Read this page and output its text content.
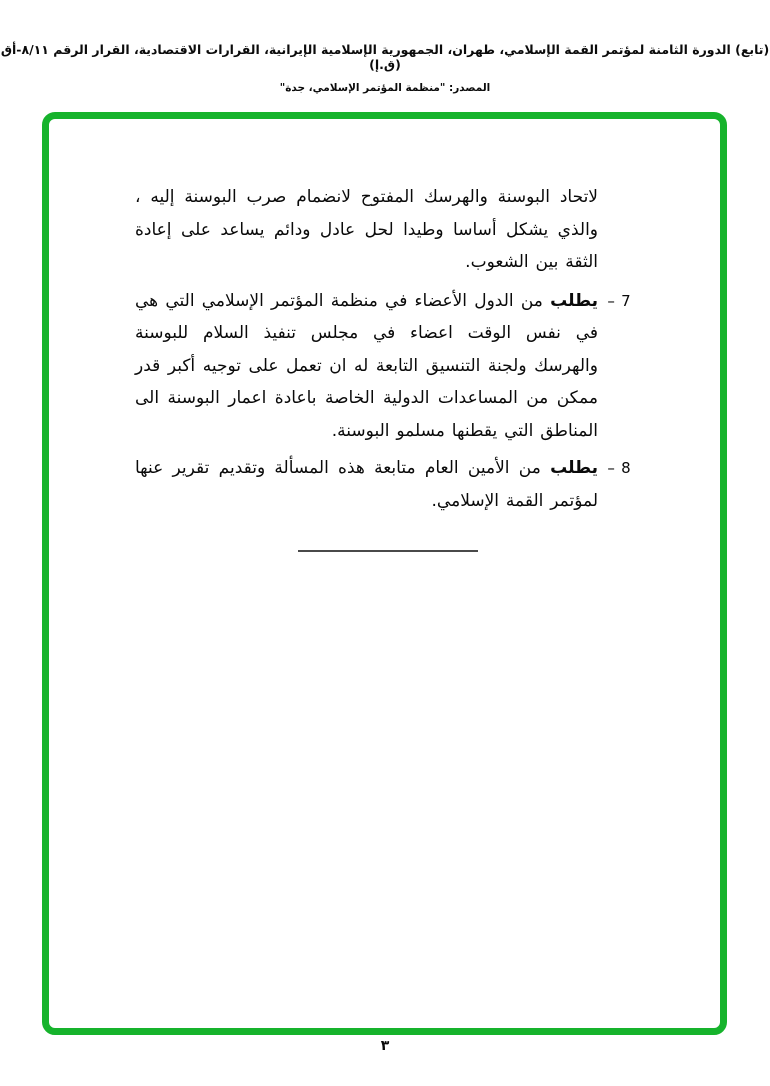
(تابع) الدورة الثامنة لمؤتمر القمة الإسلامي، طهران، الجمهورية الإسلامية الإيرانية، القرارات الاقتصادية، القرار الرقم ٨/١١-أق (ق.إ)
المصدر: "منظمة المؤتمر الإسلامي، جدة"

لاتحاد البوسنة والهرسك المفتوح لانضمام صرب البوسنة إليه ، والذي يشكل أساسا وطيدا لحل عادل ودائم يساعد على إعادة الثقة بين الشعوب.

– 7

يطلب من الدول الأعضاء في منظمة المؤتمر الإسلامي التي هي في نفس الوقت اعضاء في مجلس تنفيذ السلام للبوسنة والهرسك ولجنة التنسيق التابعة له ان تعمل على توجيه أكبر قدر ممكن من المساعدات الدولية الخاصة باعادة اعمار البوسنة الى المناطق التي يقطنها مسلمو البوسنة.

– 8

يطلب من الأمين العام متابعة هذه المسألة وتقديم تقرير عنها لمؤتمر القمة الإسلامي.

٣
